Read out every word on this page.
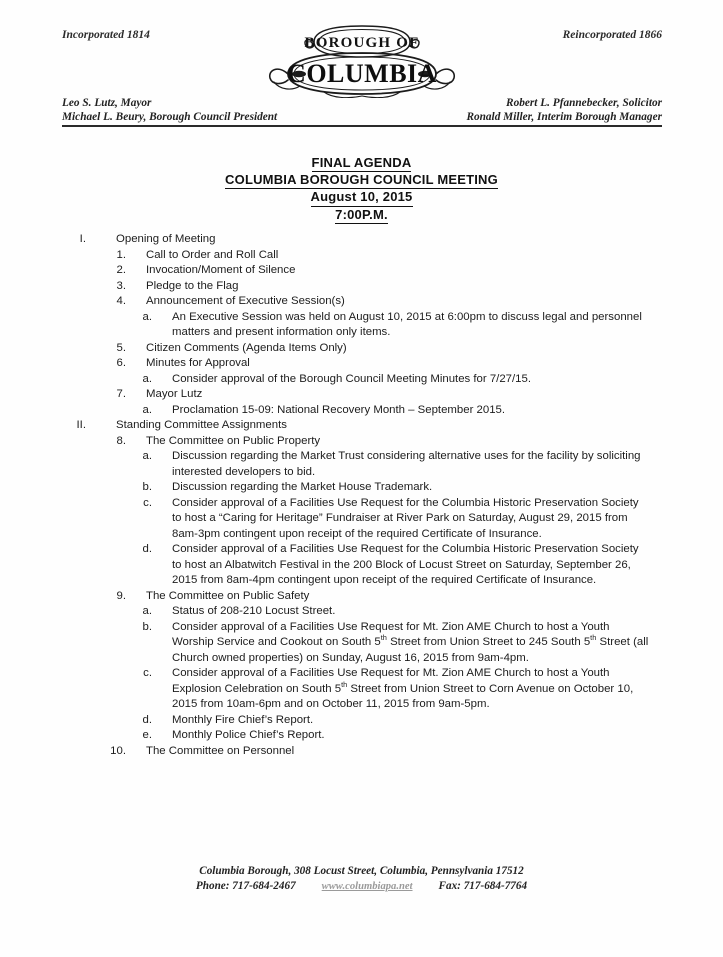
Incorporated 1814	BOROUGH OF
COLUMBIA
Reincorporated 1866
Leo S. Lutz, Mayor	Robert L. Pfannebecker, Solicitor
Michael L. Beury, Borough Council President	Ronald Miller, Interim Borough Manager
FINAL AGENDA
COLUMBIA BOROUGH COUNCIL MEETING
August 10, 2015
7:00P.M.
I.	Opening of Meeting
1. Call to Order and Roll Call
2. Invocation/Moment of Silence
3. Pledge to the Flag
4. Announcement of Executive Session(s)
a. An Executive Session was held on August 10, 2015 at 6:00pm to discuss legal and personnel matters and present information only items.
5. Citizen Comments (Agenda Items Only)
6. Minutes for Approval
a. Consider approval of the Borough Council Meeting Minutes for 7/27/15.
7. Mayor Lutz
a. Proclamation 15-09: National Recovery Month – September 2015.
II.	Standing Committee Assignments
8. The Committee on Public Property
a. Discussion regarding the Market Trust considering alternative uses for the facility by soliciting interested developers to bid.
b. Discussion regarding the Market House Trademark.
c. Consider approval of a Facilities Use Request for the Columbia Historic Preservation Society to host a “Caring for Heritage” Fundraiser at River Park on Saturday, August 29, 2015 from 8am-3pm contingent upon receipt of the required Certificate of Insurance.
d. Consider approval of a Facilities Use Request for the Columbia Historic Preservation Society to host an Albatwitch Festival in the 200 Block of Locust Street on Saturday, September 26, 2015 from 8am-4pm contingent upon receipt of the required Certificate of Insurance.
9. The Committee on Public Safety
a. Status of 208-210 Locust Street.
b. Consider approval of a Facilities Use Request for Mt. Zion AME Church to host a Youth Worship Service and Cookout on South 5th Street from Union Street to 245 South 5th Street (all Church owned properties) on Sunday, August 16, 2015 from 9am-4pm.
c. Consider approval of a Facilities Use Request for Mt. Zion AME Church to host a Youth Explosion Celebration on South 5th Street from Union Street to Corn Avenue on October 10, 2015 from 10am-6pm and on October 11, 2015 from 9am-5pm.
d. Monthly Fire Chief’s Report.
e. Monthly Police Chief’s Report.
10. The Committee on Personnel
Columbia Borough, 308 Locust Street, Columbia, Pennsylvania 17512
Phone: 717-684-2467 www.columbiapa.net Fax: 717-684-7764
